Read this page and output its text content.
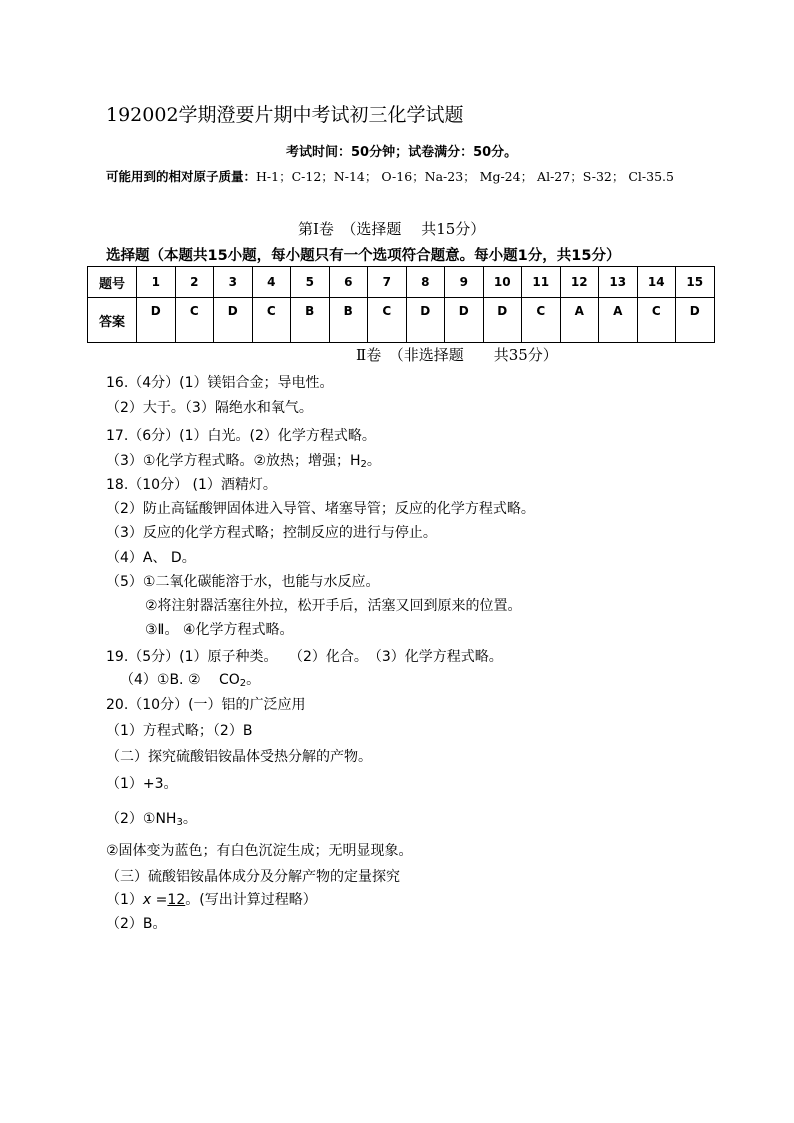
192002学期澄要片期中考试初三化学试题
考试时间：50分钟；试卷满分：50分。
可能用到的相对原子质量：H-1；C-12；N-14； O-16；Na-23； Mg-24； Al-27；S-32； Cl-35.5
第Ⅰ卷　（选择题　 共15分）
选择题（本题共15小题，每小题只有一个选项符合题意。每小题1分，共15分）
题号	1	2	3	4	5	6	7	8	9	10	11	12	13	14	15
答案	D	C	D	C	B	B	C	D	D	D	C	A	A	C	D
Ⅱ卷　（非选择题　　共35分）
16.（4分）(1）镁铝合金；导电性。
（2）大于。（3）隔绝水和氧气。
17.（6分）(1）白光。(2）化学方程式略。
（3）①化学方程式略。②放热；增强；$H_2$。
18.（10分） (1）酒精灯。
（2）防止高锰酸钾固体进入导管、堵塞导管；反应的化学方程式略。
（3）反应的化学方程式略；控制反应的进行与停止。
（4）A、 D。
（5）①二氧化碳能溶于水，也能与水反应。
②将注射器活塞往外拉，松开手后，活塞又回到原来的位置。
③Ⅱ。 ④化学方程式略。
19.（5分）(1）原子种类。　 （2）化合。　（3）化学方程式略。
（4）①B. ② 　$CO_2$。
20.（10分）(一）铝的广泛应用
（1）方程式略；（2）B
（二）探究硫酸铝铵晶体受热分解的产物。
（1）+3。
$(2)①NH_3$。
②固体变为蓝色；有白色沉淀生成；无明显现象。
（三）硫酸铝铵晶体成分及分解产物的定量探究
（1）x =12。(写出计算过程略）
（2）B。
